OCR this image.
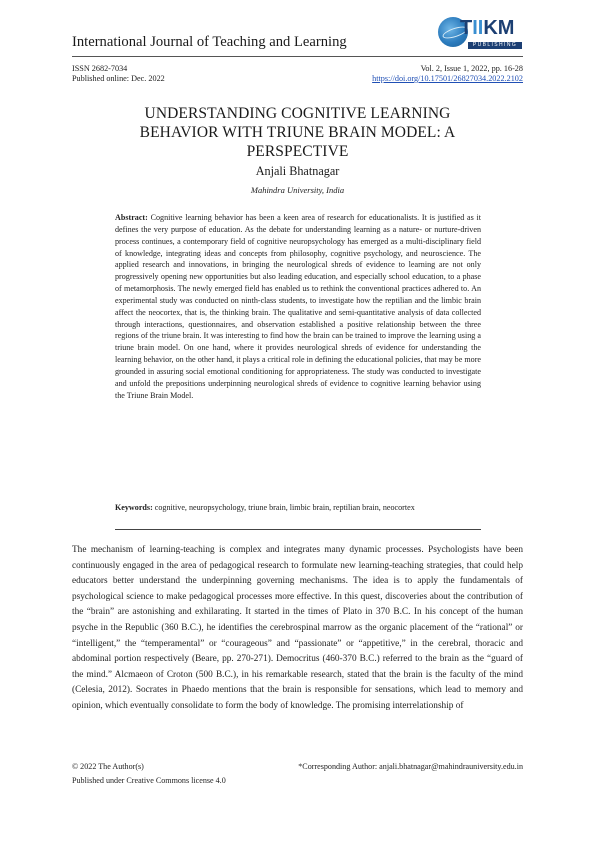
International Journal of Teaching and Learning
TIIKM
PUBLISHING
ISSN 2682-7034
Published online: Dec. 2022
Vol. 2, Issue 1, 2022, pp. 16-28
https://doi.org/10.17501/26827034.2022.2102
UNDERSTANDING COGNITIVE LEARNING
BEHAVIOR WITH TRIUNE BRAIN MODEL: A
PERSPECTIVE
Anjali Bhatnagar
Mahindra University, India
Abstract: Cognitive learning behavior has been a keen area of research for educationalists. It is justified as it defines the very purpose of education. As the debate for understanding learning as a nature- or nurture-driven process continues, a contemporary field of cognitive neuropsychology has emerged as a multi-disciplinary field of knowledge, integrating ideas and concepts from philosophy, cognitive psychology, and neuroscience. The applied research and innovations, in bringing the neurological shreds of evidence to learning are not only progressively opening new opportunities but also leading education, and especially school education, to a phase of metamorphosis. The newly emerged field has enabled us to rethink the conventional practices adhered to. An experimental study was conducted on ninth-class students, to investigate how the reptilian and the limbic brain affect the neocortex, that is, the thinking brain. The qualitative and semi-quantitative analysis of data collected through interactions, questionnaires, and observation established a positive relationship between the three regions of the triune brain. It was interesting to find how the brain can be trained to improve the learning using a triune brain model. On one hand, where it provides neurological shreds of evidence for understanding the learning behavior, on the other hand, it plays a critical role in defining the educational policies, that may be more grounded in assuring social emotional conditioning for appropriateness. The study was conducted to investigate and unfold the prepositions underpinning neurological shreds of evidence to cognitive learning behavior using the Triune Brain Model.
Keywords: cognitive, neuropsychology, triune brain, limbic brain, reptilian brain, neocortex
The mechanism of learning-teaching is complex and integrates many dynamic processes. Psychologists have been continuously engaged in the area of pedagogical research to formulate new learning-teaching strategies, that could help educators better understand the underpinning governing mechanisms. The idea is to apply the fundamentals of psychological science to make pedagogical processes more effective. In this quest, discoveries about the contribution of the “brain” are astonishing and exhilarating. It started in the times of Plato in 370 B.C. In his concept of the human psyche in the Republic (360 B.C.), he identifies the cerebrospinal marrow as the organic placement of the “rational” or “intelligent,” the “temperamental” or “courageous” and “passionate” or “appetitive,” in the cerebral, thoracic and abdominal portion respectively (Beare, pp. 270-271). Democritus (460-370 B.C.) referred to the brain as the “guard of the mind.” Alcmaeon of Croton (500 B.C.), in his remarkable research, stated that the brain is the faculty of the mind (Celesia, 2012). Socrates in Phaedo mentions that the brain is responsible for sensations, which lead to memory and opinion, which eventually consolidate to form the body of knowledge. The promising interrelationship of
© 2022 The Author(s)
Published under Creative Commons license 4.0
*Corresponding Author: anjali.bhatnagar@mahindrauniversity.edu.in
